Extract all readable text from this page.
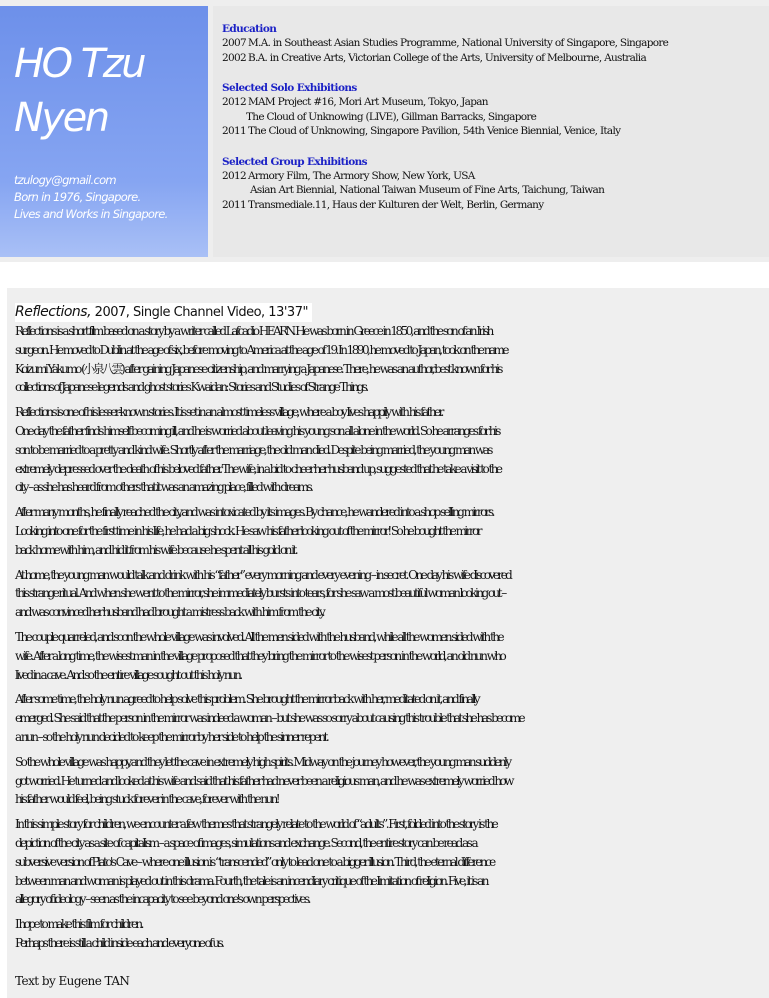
HO Tzu
Nyen
tzulogy@gmail.com
Born in 1976, Singapore.
Lives and Works in Singapore.
Education
2007 M.A. in Southeast Asian Studies Programme, National University of Singapore, Singapore
2002 B.A. in Creative Arts, Victorian College of the Arts, University of Melbourne, Australia
Selected Solo Exhibitions
2012 MAM Project #16, Mori Art Museum, Tokyo, Japan
The Cloud of Unknowing (LIVE), Gillman Barracks, Singapore
2011 The Cloud of Unknowing, Singapore Pavilion, 54th Venice Biennial, Venice, Italy
Selected Group Exhibitions
2012 Armory Film, The Armory Show, New York, USA
Asian Art Biennial, National Taiwan Museum of Fine Arts, Taichung, Taiwan
2011 Transmediale.11, Haus der Kulturen der Welt, Berlin, Germany
Reflections, 2007, Single Channel Video, 13'37"
Reflections is a short film based on a story by a writer called Lafcadio HEARN. He was born in Greece in 1850, and the son of an Irish
surgeon. He moved to Dublin at the age of six, before moving to America at the age of 19. In 1890, he moved to Japan, took on the name
Koizumi Yakumo (小泉八雲) after gaining Japanese citizenship, and marrying a Japanese. There, he was an author, best known for his
collections of Japanese legends and ghost stories Kwaidan: Stories and Studies of Strange Things.
Reflections is one of his lesser-known stories. It is set in an almost timeless village, where a boy lives happily with his father.
One day the father finds himself becoming ill, and he is worried about leaving his young son all alone in the world. So he arranges for his
son to be married to a pretty and kind wife. Shortly after the marriage, the old man died. Despite being married, the young man was
extremely depressed over the death of his beloved father. The wife, in a bid to cheer her husband up, suggested that he take a visit to the
city – as she has heard from others that it was an amazing place, filled with dreams.
After many months, he finally reached the city, and was intoxicated by its images. By chance, he wandered into a shop selling mirrors.
Looking into one for the first time in his life, he had a big shock. He saw his father looking out of the mirror! So he bought the mirror
back home with him, and hid it from his wife because he spent all his gold on it.
At home, the young man would talk and drink with his “father” every morning and every evening – in secret. One day his wife discovered
this strange ritual. And when she went to the mirror, she immediately bursts into tears, for she saw a most beautiful woman looking out –
and was convinced her husband had brought a mistress back with him from the city.
The couple quarreled, and soon the whole village was involved. All the men sided with the husband, while all the women sided with the
wife. After a long time, the wisest man in the village proposed that they bring the mirror to the wisest person in the world, an old nun who
lived in a cave. And so the entire village sought out this holy nun.
After some time, the holy nun agreed to help solve this problem. She brought the mirror back with her, meditated on it, and finally
emerged. She said that the person in the mirror was indeed a woman – but she was so sorry about causing this trouble that she has become
a nun – so the holy nun decided to keep the mirror by her side to help the sinner repent.
So the whole village was happy, and they let the cave in extremely high spirits. Midway on the journey however, the young man suddenly
got worried. He turned and looked at his wife and said that his father had never been a religious man, and he was extremely worried how
his father would feel, being stuck forever in the cave, forever with the nun!
In this simple story for children, we encounter a few themes that strangely relate to the world of “adults”. First, folded into the story is the
depiction of the city as a site of capitalism – a space of images, simulations and exchange. Second, the entire story can be read as a
subversive version of Plato's Cave – where one illusion is “transcended” only to lead one to a bigger illusion. Third, the eternal difference
between man and woman is played out in this drama. Fourth, the tale is an incendiary critique of the limitation of religion. Five, it is an
allegory of ideology – seen as the incapacity to see beyond one's own perspectives.
I hope to make this film for children.
Perhaps there is still a child inside each and everyone of us.
Text by Eugene TAN
